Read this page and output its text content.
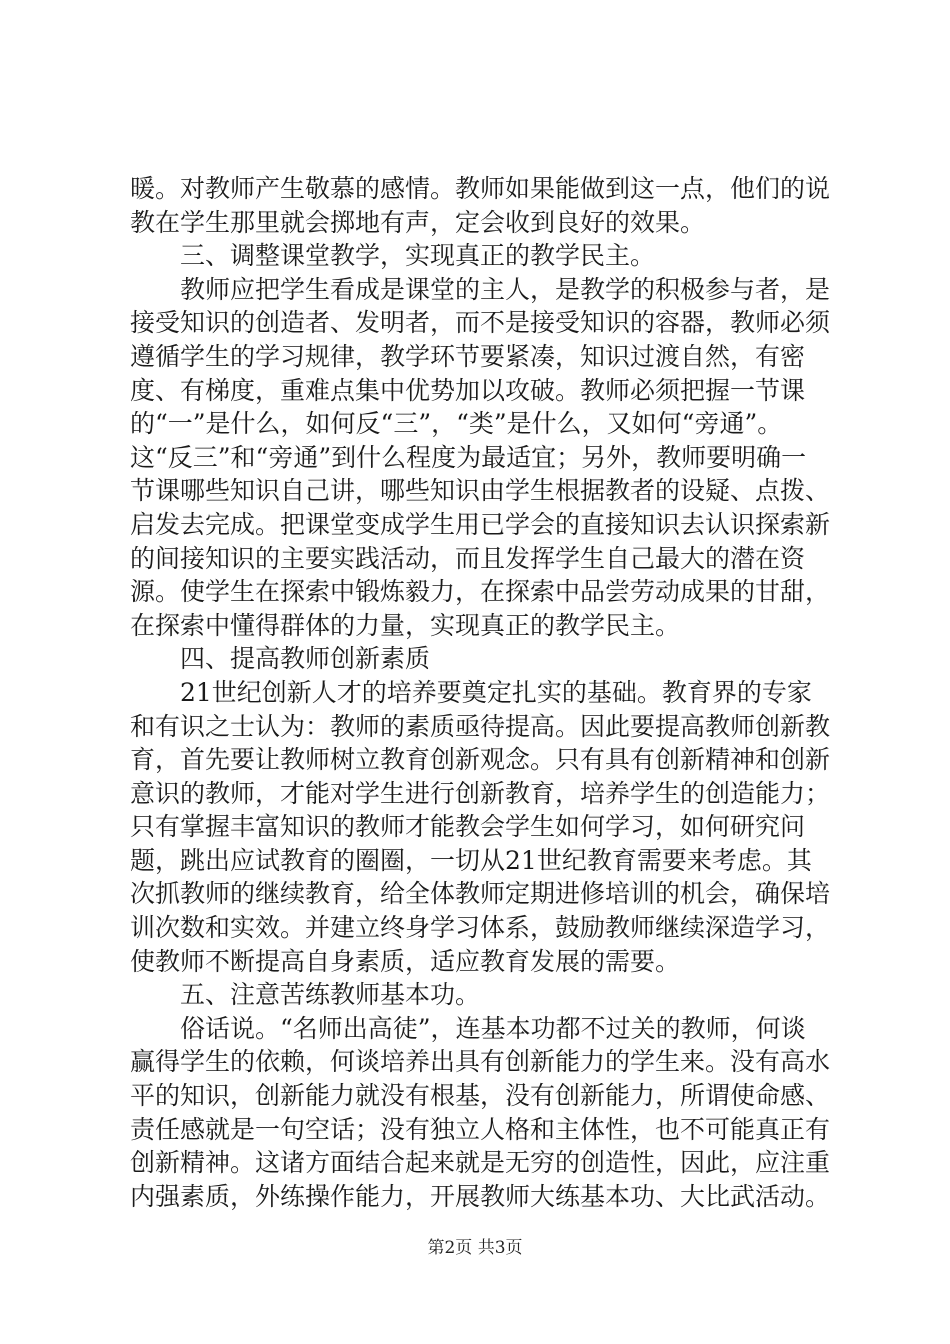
暖。对教师产生敬慕的感情。教师如果能做到这一点，他们的说教在学生那里就会掷地有声，定会收到良好的效果。

三、调整课堂教学，实现真正的教学民主。

教师应把学生看成是课堂的主人，是教学的积极参与者，是接受知识的创造者、发明者，而不是接受知识的容器，教师必须遵循学生的学习规律，教学环节要紧凑，知识过渡自然，有密度、有梯度，重难点集中优势加以攻破。教师必须把握一节课的“一”是什么，如何反“三”，“类”是什么，又如何“旁通”。这“反三”和“旁通”到什么程度为最适宜；另外，教师要明确一节课哪些知识自己讲，哪些知识由学生根据教者的设疑、点拨、启发去完成。把课堂变成学生用已学会的直接知识去认识探索新的间接知识的主要实践活动，而且发挥学生自己最大的潜在资源。使学生在探索中锻炼毅力，在探索中品尝劳动成果的甘甜，在探索中懂得群体的力量，实现真正的教学民主。

四、提高教师创新素质

21世纪创新人才的培养要奠定扎实的基础。教育界的专家和有识之士认为：教师的素质亟待提高。因此要提高教师创新教育，首先要让教师树立教育创新观念。只有具有创新精神和创新意识的教师，才能对学生进行创新教育，培养学生的创造能力；只有掌握丰富知识的教师才能教会学生如何学习，如何研究问题，跳出应试教育的圈圈，一切从21世纪教育需要来考虑。其次抓教师的继续教育，给全体教师定期进修培训的机会，确保培训次数和实效。并建立终身学习体系，鼓励教师继续深造学习，使教师不断提高自身素质，适应教育发展的需要。

五、注意苦练教师基本功。

俗话说。“名师出高徒”，连基本功都不过关的教师，何谈赢得学生的依赖，何谈培养出具有创新能力的学生来。没有高水平的知识，创新能力就没有根基，没有创新能力，所谓使命感、责任感就是一句空话；没有独立人格和主体性，也不可能真正有创新精神。这诸方面结合起来就是无穷的创造性，因此，应注重内强素质，外练操作能力，开展教师大练基本功、大比武活动。

第2页 共3页
